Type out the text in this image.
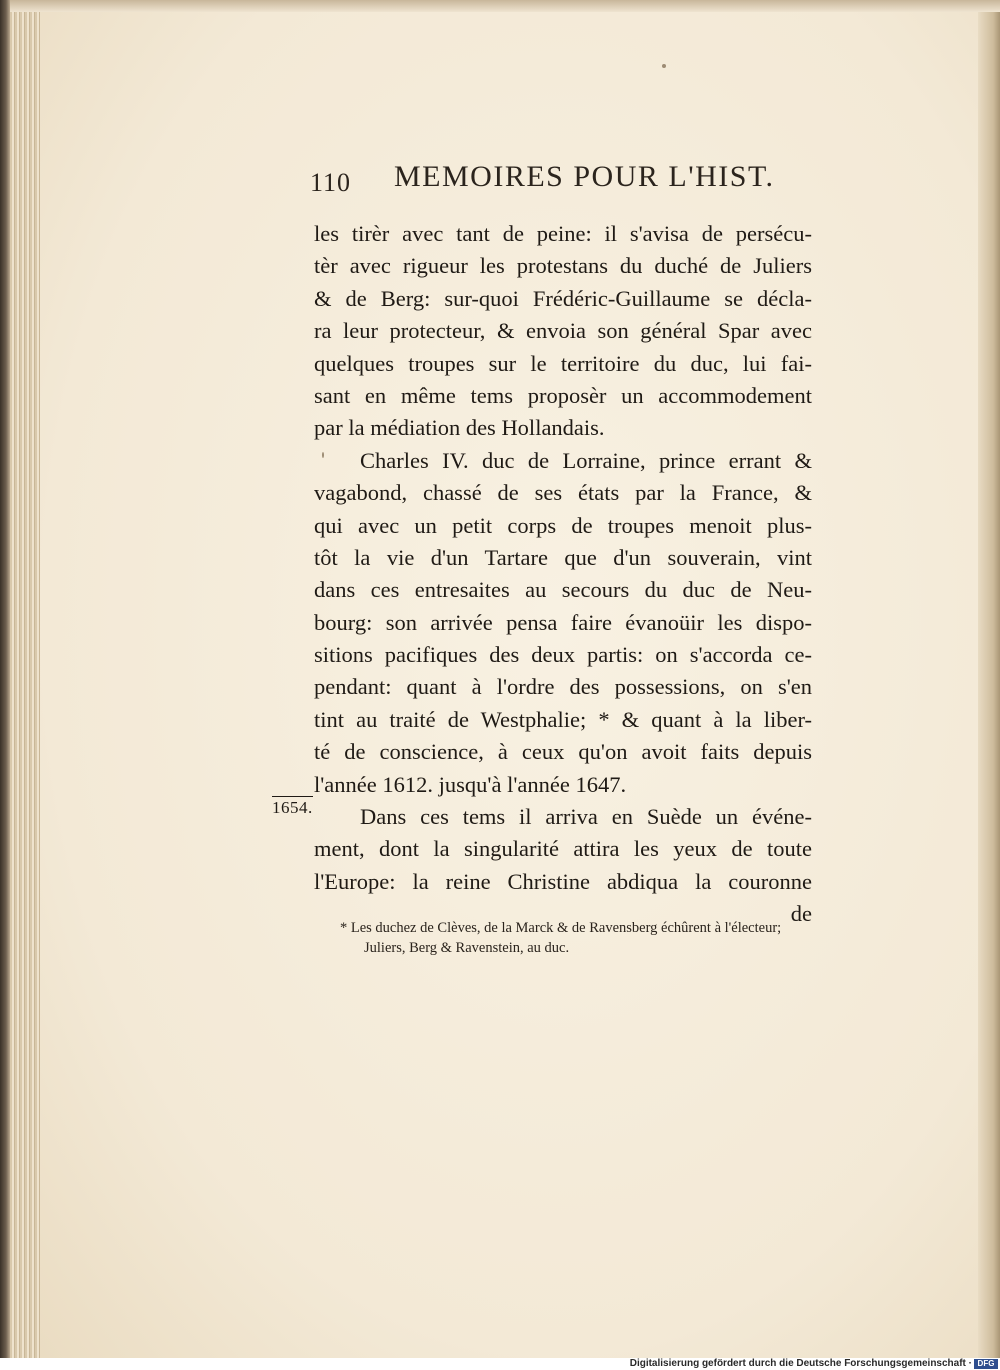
110 MEMOIRES POUR L'HIST.
les tirèr avec tant de peine: il s'avisa de persécu-
tèr avec rigueur les protestans du duché de Juliers
& de Berg: sur-quoi Frédéric-Guillaume se décla-
ra leur protecteur, & envoia son général Spar avec
quelques troupes sur le territoire du duc, lui fai-
sant en même tems proposèr un accommodement
par la médiation des Hollandais.
Charles IV. duc de Lorraine, prince errant &
vagabond, chassé de ses états par la France, &
qui avec un petit corps de troupes menoit plus-
tôt la vie d'un Tartare que d'un souverain, vint
dans ces entresaites au secours du duc de Neu-
bourg: son arrivée pensa faire évanoüir les dispo-
sitions pacifiques des deux partis: on s'accorda ce-
pendant: quant à l'ordre des possessions, on s'en
tint au traité de Westphalie; * & quant à la liber-
té de conscience, à ceux qu'on avoit faits depuis
l'année 1612. jusqu'à l'année 1647.
Dans ces tems il arriva en Suède un événe-
ment, dont la singularité attira les yeux de toute
l'Europe: la reine Christine abdiqua la couronne
de
1654.
* Les duchez de Clèves, de la Marck & de Ravensberg échûrent à l'électeur;
Juliers, Berg & Ravenstein, au duc.
Digitalisierung gefördert durch die Deutsche Forschungsgemeinschaft · DFG
